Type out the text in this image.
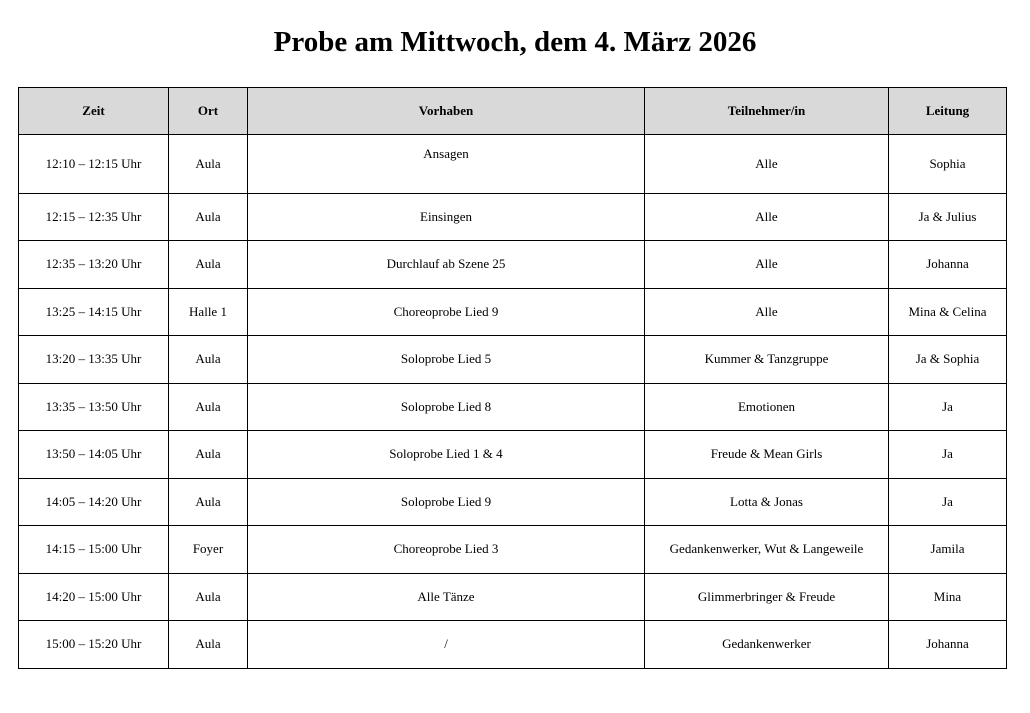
Probe am Mittwoch, dem 4. März 2026
Zeit	Ort	Vorhaben	Teilnehmer/in	Leitung
12:10 – 12:15 Uhr	Aula	Ansagen	Alle	Sophia
12:15 – 12:35 Uhr	Aula	Einsingen	Alle	Ja & Julius
12:35 – 13:20 Uhr	Aula	Durchlauf ab Szene 25	Alle	Johanna
13:25 – 14:15 Uhr	Halle 1	Choreoprobe Lied 9	Alle	Mina & Celina
13:20 – 13:35 Uhr	Aula	Soloprobe Lied 5	Kummer & Tanzgruppe	Ja & Sophia
13:35 – 13:50 Uhr	Aula	Soloprobe Lied 8	Emotionen	Ja
13:50 – 14:05 Uhr	Aula	Soloprobe Lied 1 & 4	Freude & Mean Girls	Ja
14:05 – 14:20 Uhr	Aula	Soloprobe Lied 9	Lotta & Jonas	Ja
14:15 – 15:00 Uhr	Foyer	Choreoprobe Lied 3	Gedankenwerker, Wut & Langeweile	Jamila
14:20 – 15:00 Uhr	Aula	Alle Tänze	Glimmerbringer & Freude	Mina
15:00 – 15:20 Uhr	Aula	/	Gedankenwerker	Johanna
